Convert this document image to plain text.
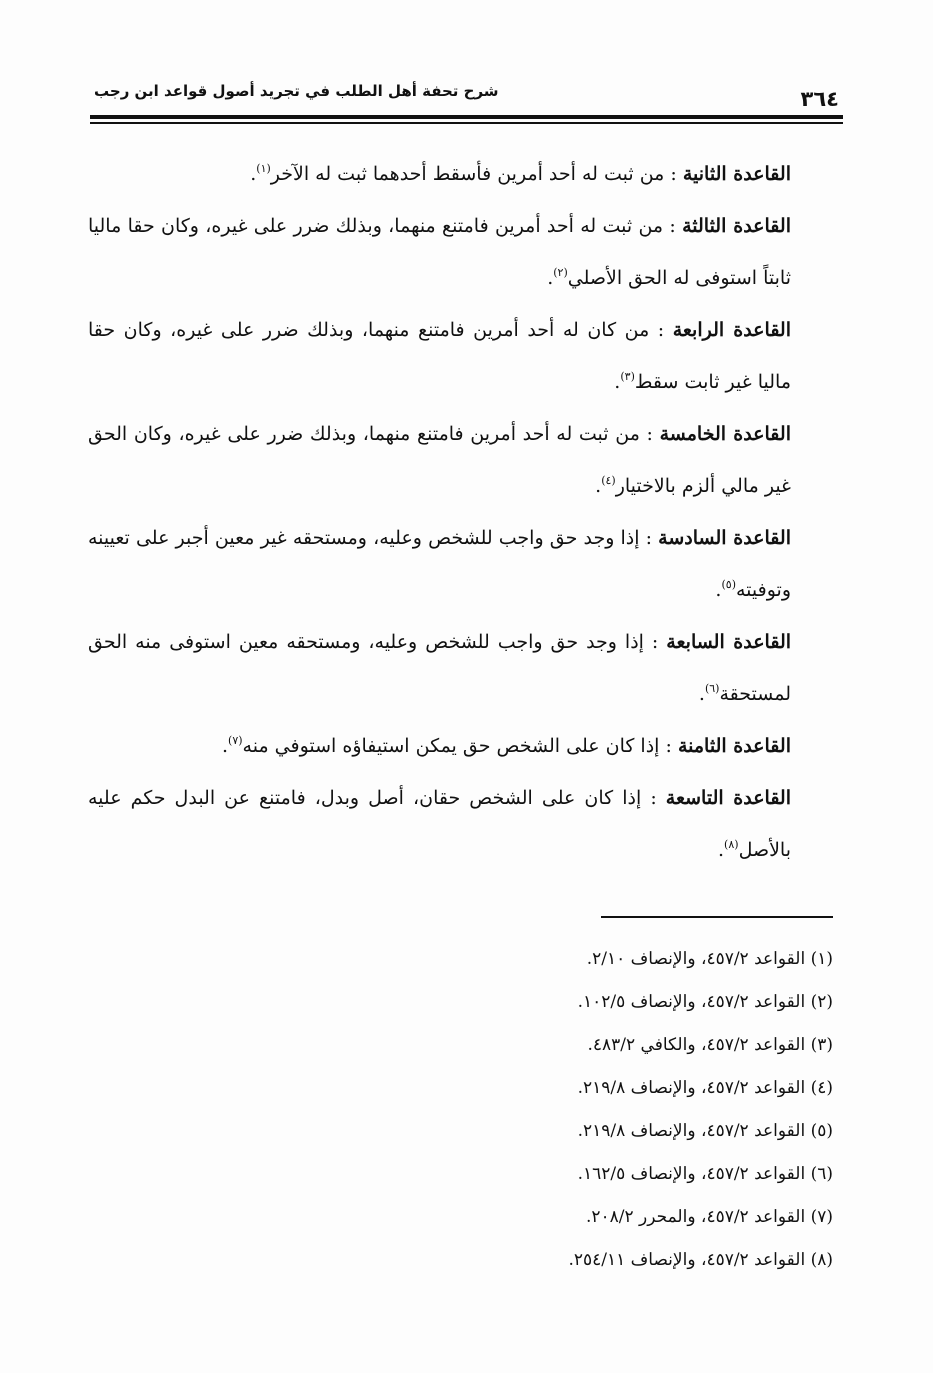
٣٦٤
شرح تحفة أهل الطلب في تجريد أصول قواعد ابن رجب

القاعدة الثانية : من ثبت له أحد أمرين فأسقط أحدهما ثبت له الآخر$^{(١)}$.

القاعدة الثالثة : من ثبت له أحد أمرين فامتنع منهما، وبذلك ضرر على غيره، وكان حقا ماليا ثابتاً استوفى له الحق الأصلي$^{(٢)}$.

القاعدة الرابعة : من كان له أحد أمرين فامتنع منهما، وبذلك ضرر على غيره، وكان حقا ماليا غير ثابت سقط$^{(٣)}$.

القاعدة الخامسة : من ثبت له أحد أمرين فامتنع منهما، وبذلك ضرر على غيره، وكان الحق غير مالي ألزم بالاختيار$^{(٤)}$.

القاعدة السادسة : إذا وجد حق واجب للشخص وعليه، ومستحقه غير معين أجبر على تعيينه وتوفيته$^{(٥)}$.

القاعدة السابعة : إذا وجد حق واجب للشخص وعليه، ومستحقه معين استوفى منه الحق لمستحقة$^{(٦)}$.

القاعدة الثامنة : إذا كان على الشخص حق يمكن استيفاؤه استوفي منه$^{(٧)}$.

القاعدة التاسعة : إذا كان على الشخص حقان، أصل وبدل، فامتنع عن البدل حكم عليه بالأصل$^{(٨)}$.

(١) القواعد ٤٥٧/٢، والإنصاف ٢/١٠.

(٢) القواعد ٤٥٧/٢، والإنصاف ١٠٢/٥.

(٣) القواعد ٤٥٧/٢، والكافي ٤٨٣/٢.

(٤) القواعد ٤٥٧/٢، والإنصاف ٢١٩/٨.

(٥) القواعد ٤٥٧/٢، والإنصاف ٢١٩/٨.

(٦) القواعد ٤٥٧/٢، والإنصاف ١٦٢/٥.

(٧) القواعد ٤٥٧/٢، والمحرر ٢٠٨/٢.

(٨) القواعد ٤٥٧/٢، والإنصاف ٢٥٤/١١.
